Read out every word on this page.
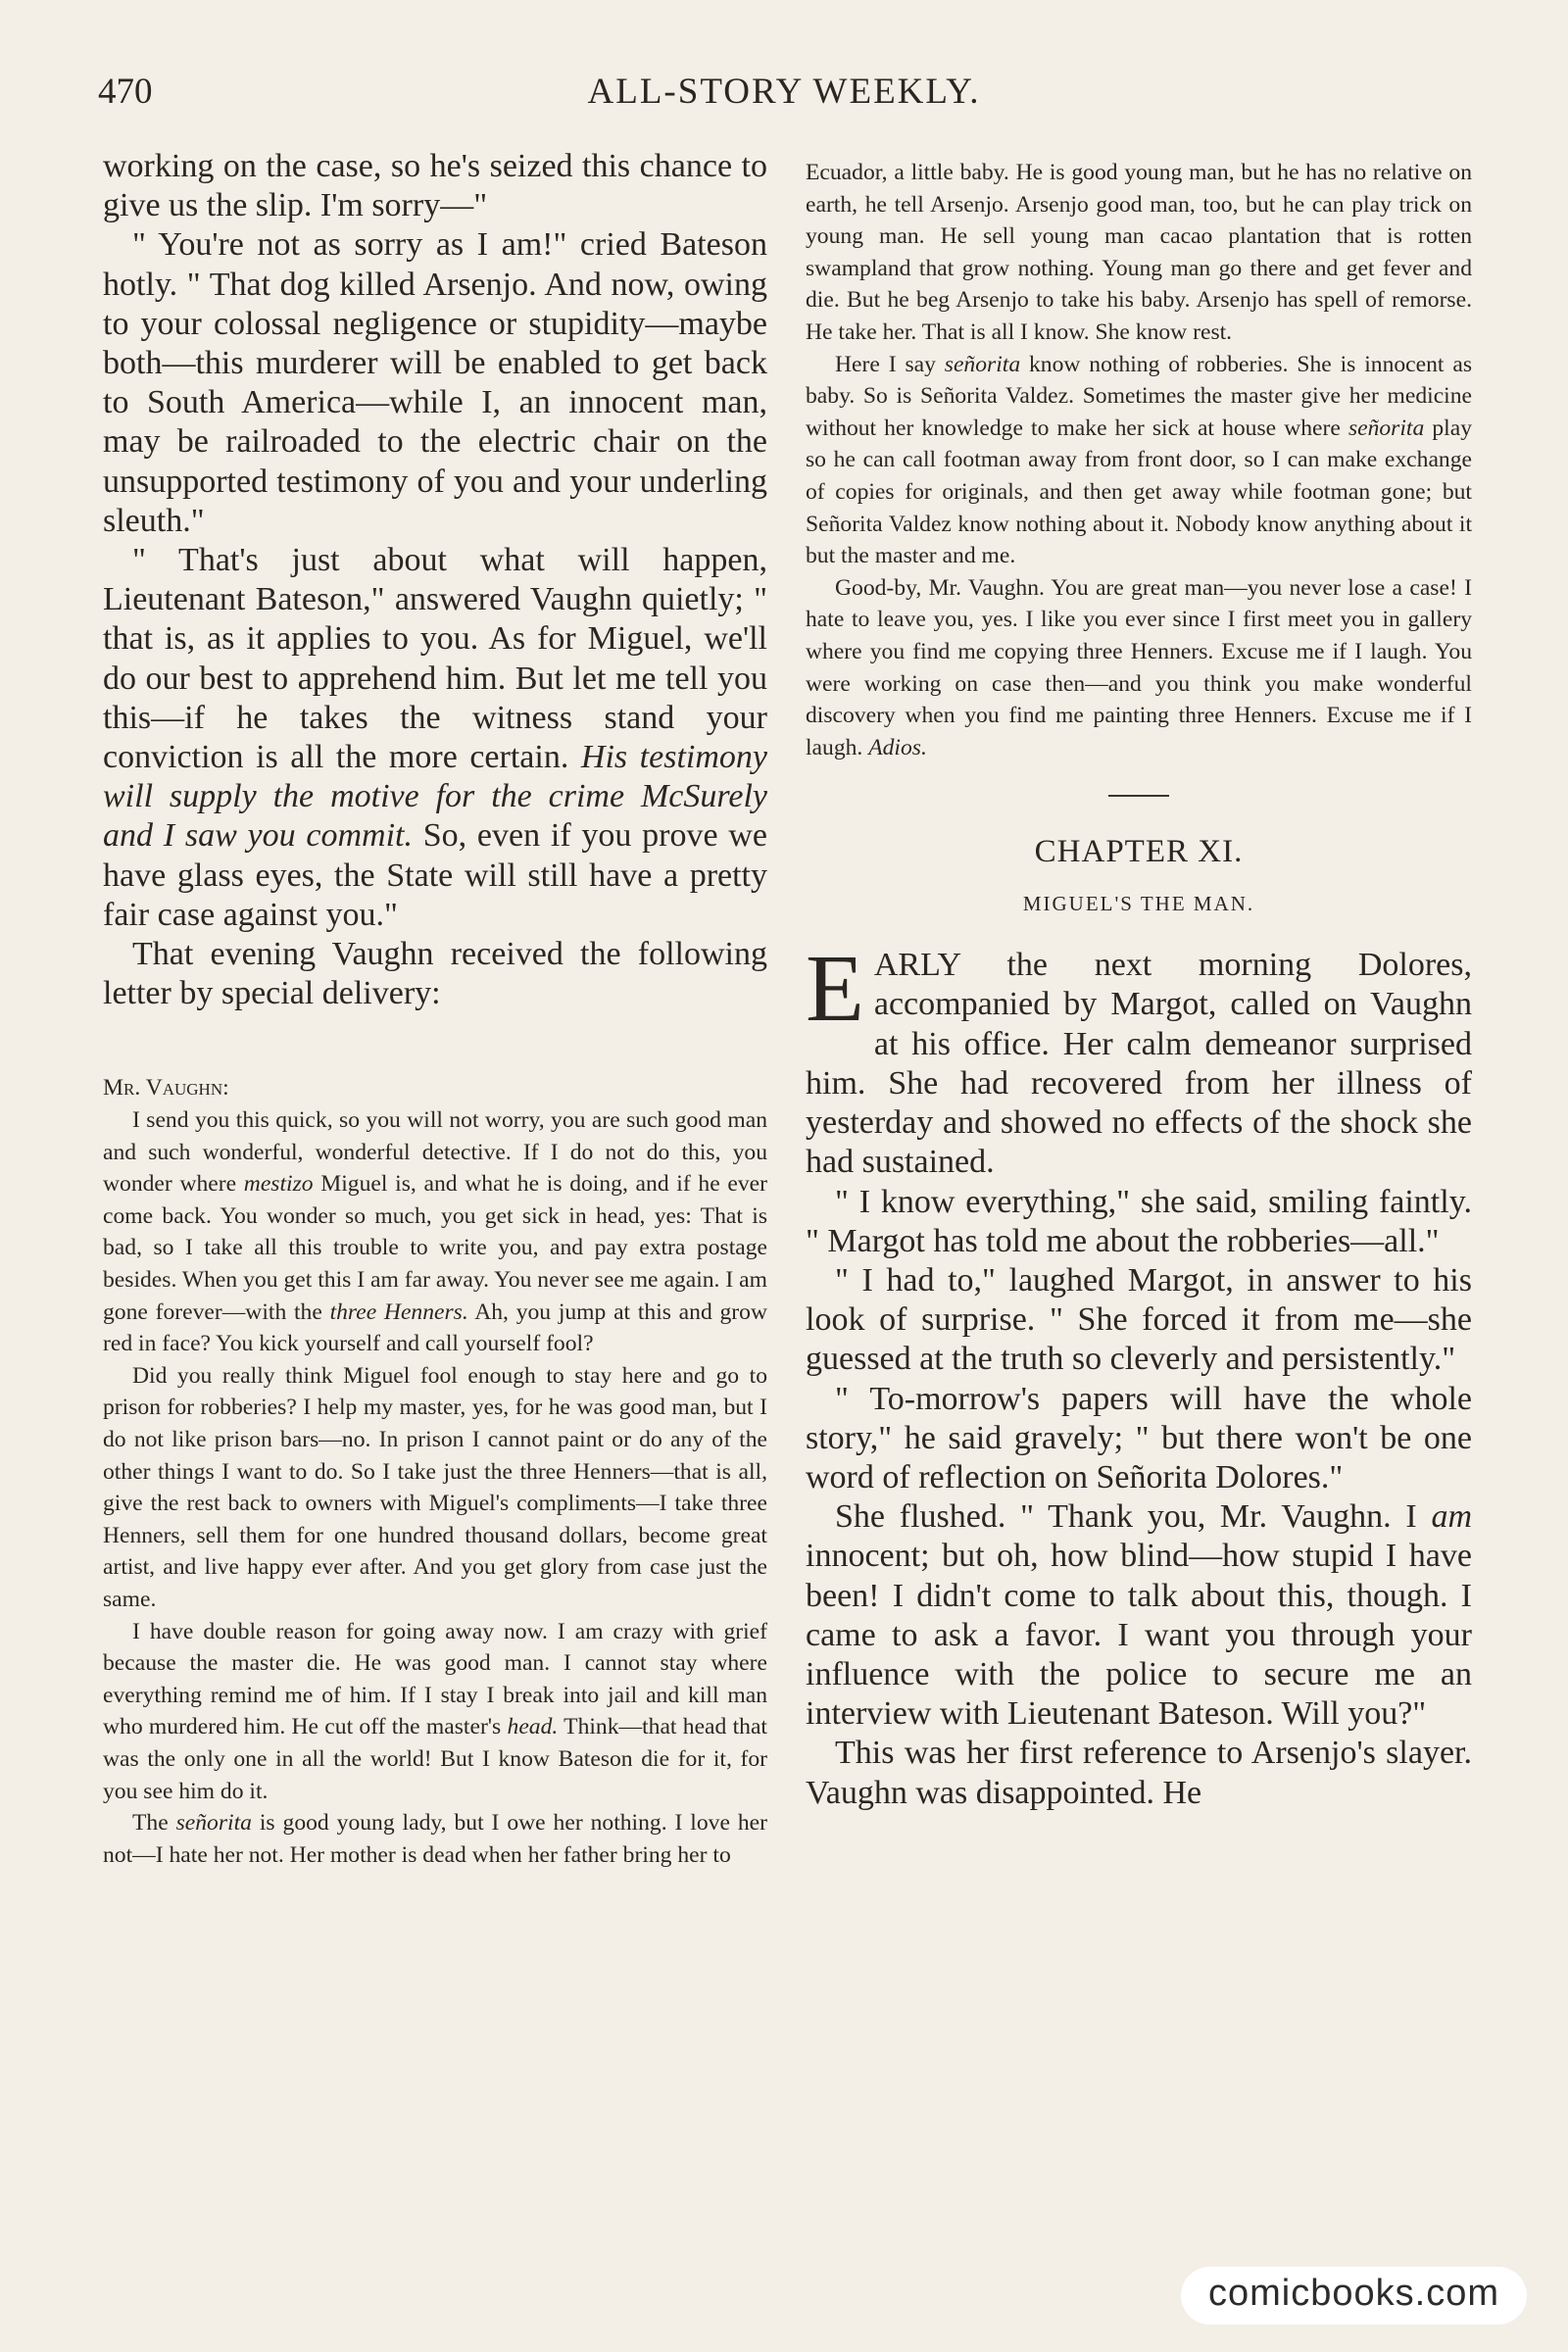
470	ALL-STORY WEEKLY.

working on the case, so he's seized this chance to give us the slip. I'm sorry—"

" You're not as sorry as I am!" cried Bateson hotly. " That dog killed Arsenjo. And now, owing to your colossal negligence or stupidity—maybe both—this murderer will be enabled to get back to South America—while I, an innocent man, may be railroaded to the electric chair on the unsupported testimony of you and your underling sleuth."

" That's just about what will happen, Lieutenant Bateson," answered Vaughn quietly; " that is, as it applies to you. As for Miguel, we'll do our best to apprehend him. But let me tell you this—if he takes the witness stand your conviction is all the more certain. His testimony will supply the motive for the crime McSurely and I saw you commit. So, even if you prove we have glass eyes, the State will still have a pretty fair case against you."

That evening Vaughn received the following letter by special delivery:

Mr. Vaughn:

I send you this quick, so you will not worry, you are such good man and such wonderful, wonderful detective. If I do not do this, you wonder where mestizo Miguel is, and what he is doing, and if he ever come back. You wonder so much, you get sick in head, yes: That is bad, so I take all this trouble to write you, and pay extra postage besides. When you get this I am far away. You never see me again. I am gone forever—with the three Henners. Ah, you jump at this and grow red in face? You kick yourself and call yourself fool?

Did you really think Miguel fool enough to stay here and go to prison for robberies? I help my master, yes, for he was good man, but I do not like prison bars—no. In prison I cannot paint or do any of the other things I want to do. So I take just the three Henners—that is all, give the rest back to owners with Miguel's compliments—I take three Henners, sell them for one hundred thousand dollars, become great artist, and live happy ever after. And you get glory from case just the same.

I have double reason for going away now. I am crazy with grief because the master die. He was good man. I cannot stay where everything remind me of him. If I stay I break into jail and kill man who murdered him. He cut off the master's head. Think—that head that was the only one in all the world! But I know Bateson die for it, for you see him do it.

The señorita is good young lady, but I owe her nothing. I love her not—I hate her not. Her mother is dead when her father bring her to

Ecuador, a little baby. He is good young man, but he has no relative on earth, he tell Arsenjo. Arsenjo good man, too, but he can play trick on young man. He sell young man cacao plantation that is rotten swampland that grow nothing. Young man go there and get fever and die. But he beg Arsenjo to take his baby. Arsenjo has spell of remorse. He take her. That is all I know. She know rest.

Here I say señorita know nothing of robberies. She is innocent as baby. So is Señorita Valdez. Sometimes the master give her medicine without her knowledge to make her sick at house where señorita play so he can call footman away from front door, so I can make exchange of copies for originals, and then get away while footman gone; but Señorita Valdez know nothing about it. Nobody know anything about it but the master and me.

Good-by, Mr. Vaughn. You are great man—you never lose a case! I hate to leave you, yes. I like you ever since I first meet you in gallery where you find me copying three Henners. Excuse me if I laugh. You were working on case then—and you think you make wonderful discovery when you find me painting three Henners. Excuse me if I laugh. Adios.

CHAPTER XI.
MIGUEL'S THE MAN.

EARLY the next morning Dolores, accompanied by Margot, called on Vaughn at his office. Her calm demeanor surprised him. She had recovered from her illness of yesterday and showed no effects of the shock she had sustained.

" I know everything," she said, smiling faintly. " Margot has told me about the robberies—all."

" I had to," laughed Margot, in answer to his look of surprise. " She forced it from me—she guessed at the truth so cleverly and persistently."

" To-morrow's papers will have the whole story," he said gravely; " but there won't be one word of reflection on Señorita Dolores."

She flushed. " Thank you, Mr. Vaughn. I am innocent; but oh, how blind—how stupid I have been! I didn't come to talk about this, though. I came to ask a favor. I want you through your influence with the police to secure me an interview with Lieutenant Bateson. Will you?"

This was her first reference to Arsenjo's slayer. Vaughn was disappointed. He

comicbooks.com
